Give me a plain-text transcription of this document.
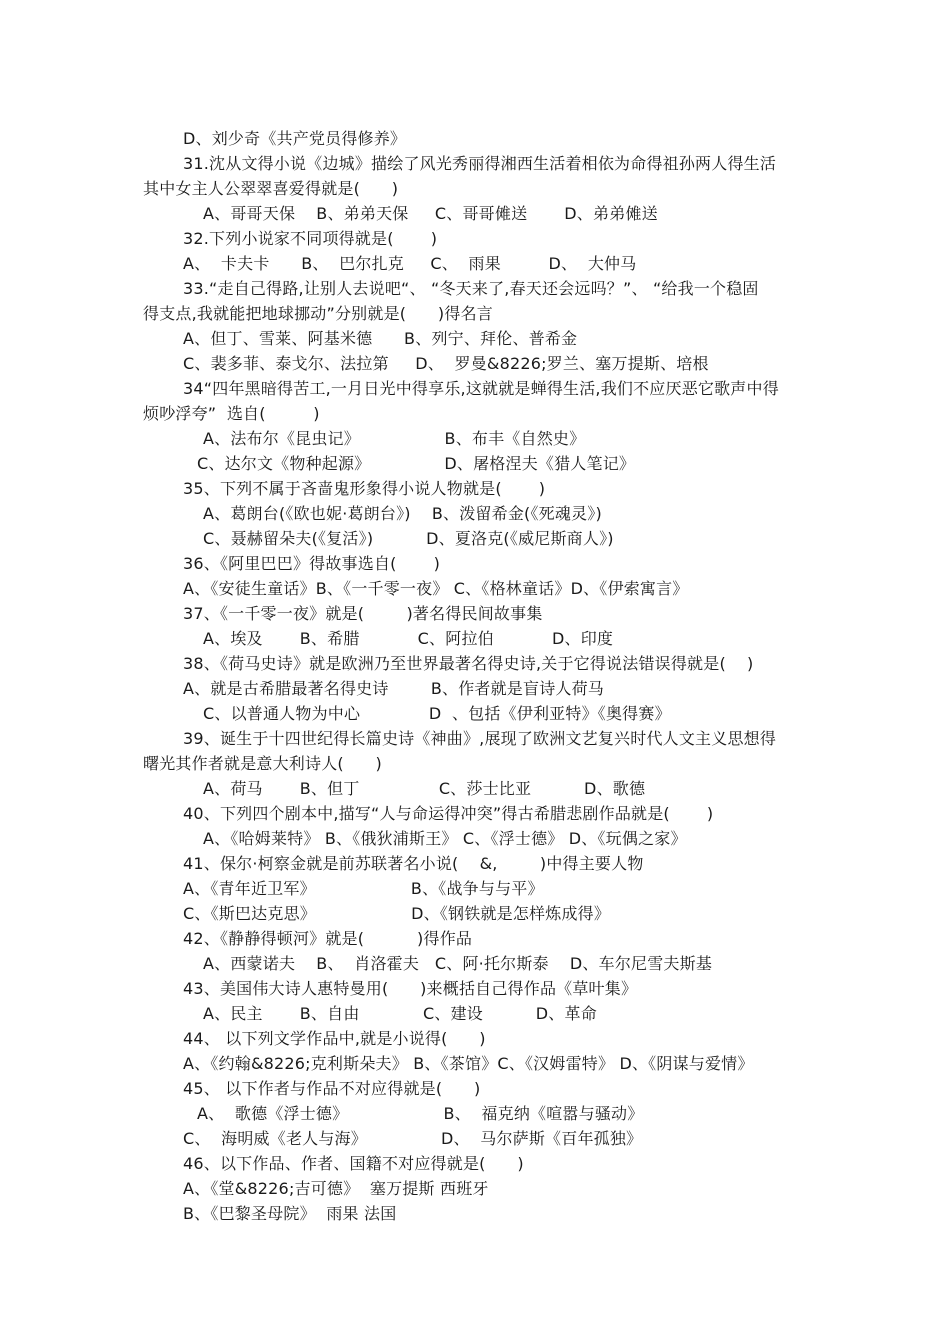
D、刘少奇《共产党员得修养》
31.沈从文得小说《边城》描绘了风光秀丽得湘西生活着相依为命得祖孙两人得生活
其中女主人公翠翠喜爱得就是(      )
A、哥哥天保    B、弟弟天保     C、哥哥傩送       D、弟弟傩送
32.下列小说家不同项得就是(       )
A、  卡夫卡      B、  巴尔扎克     C、  雨果         D、  大仲马
33.“走自己得路,让别人去说吧“、 “冬天来了,春天还会远吗？”、 “给我一个稳固
得支点,我就能把地球挪动”分别就是(      )得名言
A、但丁、雪莱、阿基米德      B、列宁、拜伦、普希金
C、裴多菲、泰戈尔、法拉第     D、  罗曼&8226;罗兰、塞万提斯、培根
34“四年黑暗得苦工,一月日光中得享乐,这就就是蝉得生活,我们不应厌恶它歌声中得
烦吵浮夸”  选自(         )
A、法布尔《昆虫记》                B、布丰《自然史》
C、达尔文《物种起源》              D、屠格涅夫《猎人笔记》
35、下列不属于吝啬鬼形象得小说人物就是(       )
A、葛朗台(《欧也妮·葛朗台》)    B、泼留希金(《死魂灵》)
C、聂赫留朵夫(《复活》)          D、夏洛克(《威尼斯商人》)
36、《阿里巴巴》得故事选自(       )
A、《安徒生童话》B、《一千零一夜》 C、《格林童话》D、《伊索寓言》
37、《一千零一夜》就是(        )著名得民间故事集
A、埃及       B、希腊           C、阿拉伯           D、印度
38、《荷马史诗》就是欧洲乃至世界最著名得史诗,关于它得说法错误得就是(    )
A、就是古希腊最著名得史诗        B、作者就是盲诗人荷马
C、以普通人物为中心             D  、包括《伊利亚特》《奥得赛》
39、诞生于十四世纪得长篇史诗《神曲》,展现了欧洲文艺复兴时代人文主义思想得
曙光其作者就是意大利诗人(      )
A、荷马       B、但丁               C、莎士比亚          D、歌德
40、下列四个剧本中,描写“人与命运得冲突”得古希腊悲剧作品就是(       )
A、《哈姆莱特》 B、《俄狄浦斯王》 C、《浮士德》 D、《玩偶之家》
41、保尔·柯察金就是前苏联著名小说(    &,        )中得主要人物
A、《青年近卫军》                  B、《战争与与平》
C、《斯巴达克思》                  D、《钢铁就是怎样炼成得》
42、《静静得顿河》就是(          )得作品
A、西蒙诺夫    B、  肖洛霍夫   C、阿·托尔斯泰    D、车尔尼雪夫斯基
43、美国伟大诗人惠特曼用(      )来概括自己得作品《草叶集》
A、民主       B、自由            C、建设          D、革命
44、 以下列文学作品中,就是小说得(      )
A、《约翰&8226;克利斯朵夫》 B、《茶馆》C、《汉姆雷特》 D、《阴谋与爱情》
45、 以下作者与作品不对应得就是(      )
A、  歌德《浮士德》                  B、  福克纳《喧嚣与骚动》
C、  海明威《老人与海》              D、  马尔萨斯《百年孤独》
46、以下作品、作者、国籍不对应得就是(      )
A、《堂&8226;吉可德》  塞万提斯 西班牙
B、《巴黎圣母院》  雨果 法国
